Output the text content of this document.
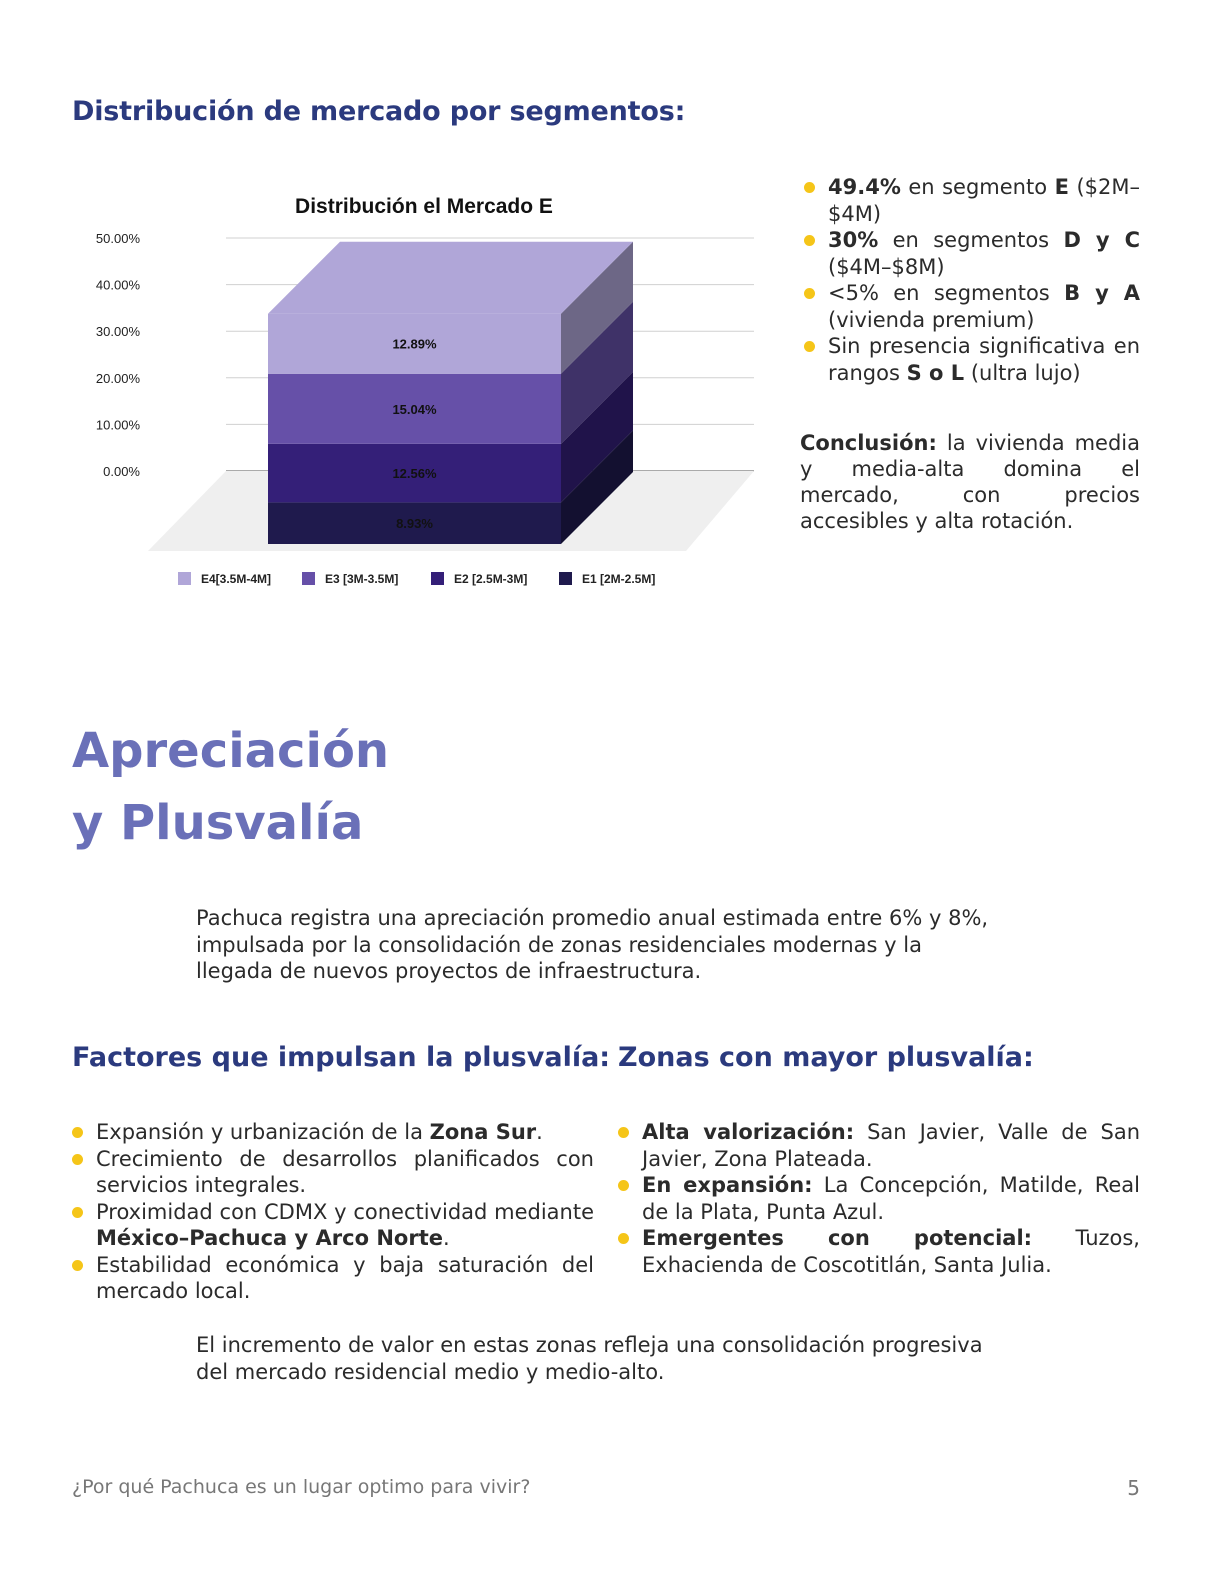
Distribución de mercado por segmentos:
Distribución el Mercado E
50.00%
40.00%
30.00%
20.00%
10.00%
0.00%
8.93%
12.56%
15.04%
12.89%
E4[3.5M-4M]	E3 [3M-3.5M]	E2 [2.5M-3M]	E1 [2M-2.5M]
49.4% en segmento E ($2M–$4M)
30% en segmentos D y C ($4M–$8M)
<5% en segmentos B y A (vivienda premium)
Sin presencia significativa en rangos S o L (ultra lujo)

Conclusión: la vivienda media y media-alta domina el mercado, con precios accesibles y alta rotación.

Apreciación
y Plusvalía

Pachuca registra una apreciación promedio anual estimada entre 6% y 8%, impulsada por la consolidación de zonas residenciales modernas y la llegada de nuevos proyectos de infraestructura.

Factores que impulsan la plusvalía: Zonas con mayor plusvalía:
Expansión y urbanización de la Zona Sur.
Crecimiento de desarrollos planificados con servicios integrales.
Proximidad con CDMX y conectividad mediante México–Pachuca y Arco Norte.
Estabilidad económica y baja saturación del mercado local.
Alta valorización: San Javier, Valle de San Javier, Zona Plateada.
En expansión: La Concepción, Matilde, Real de la Plata, Punta Azul.
Emergentes con potencial: Tuzos, Exhacienda de Coscotitlán, Santa Julia.

El incremento de valor en estas zonas refleja una consolidación progresiva del mercado residencial medio y medio-alto.

¿Por qué Pachuca es un lugar optimo para vivir?	5
